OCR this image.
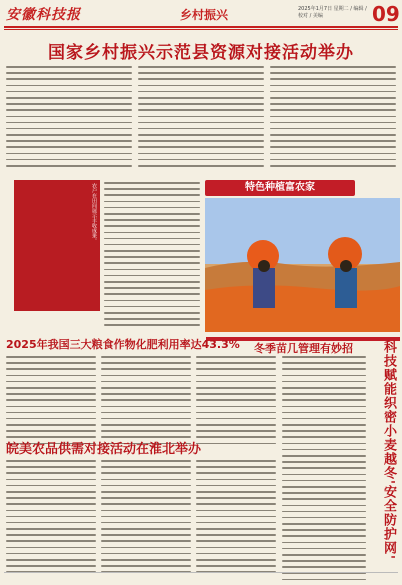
安徽科技报	乡村振兴	2025年1月7日 星期二 / 编辑 / 校对 / 美编	09
国家乡村振兴示范县资源对接活动举办
农户在田间展示丰收成果。	特色种植富农家
2025年我国三大粮食作物化肥利用率达43.3%
皖美农品供需对接活动在淮北举办
冬季苗几管理有妙招	科技赋能织密小麦越冬'安全防护网'
